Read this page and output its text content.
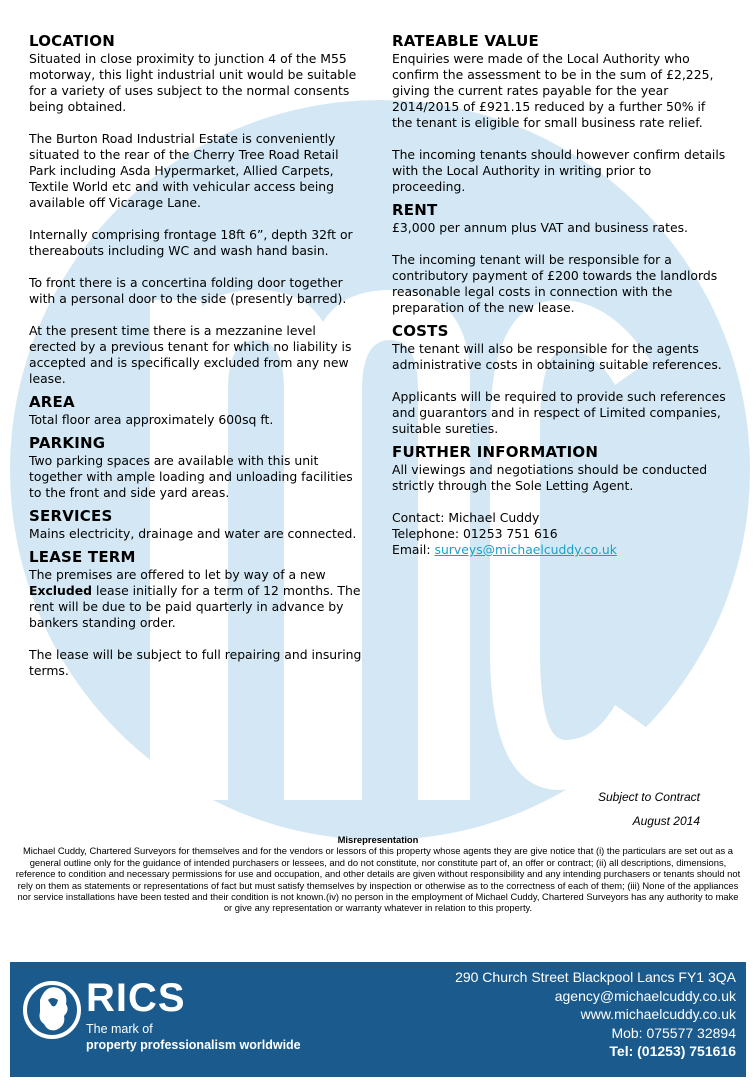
LOCATION

Situated in close proximity to junction 4 of the M55 motorway, this light industrial unit would be suitable for a variety of uses subject to the normal consents being obtained.

The Burton Road Industrial Estate is conveniently situated to the rear of the Cherry Tree Road Retail Park including Asda Hypermarket, Allied Carpets, Textile World etc and with vehicular access being available off Vicarage Lane.

Internally comprising frontage 18ft 6”, depth 32ft or thereabouts including WC and wash hand basin.

To front there is a concertina folding door together with a personal door to the side (presently barred).

At the present time there is a mezzanine level erected by a previous tenant for which no liability is accepted and is specifically excluded from any new lease.

AREA

Total floor area approximately 600sq ft.

PARKING

Two parking spaces are available with this unit together with ample loading and unloading facilities to the front and side yard areas.

SERVICES

Mains electricity, drainage and water are connected.

LEASE TERM

The premises are offered to let by way of a new Excluded lease initially for a term of 12 months. The rent will be due to be paid quarterly in advance by bankers standing order.

The lease will be subject to full repairing and insuring terms.

RATEABLE VALUE

Enquiries were made of the Local Authority who confirm the assessment to be in the sum of £2,225, giving the current rates payable for the year 2014/2015 of £921.15 reduced by a further 50% if the tenant is eligible for small business rate relief.

The incoming tenants should however confirm details with the Local Authority in writing prior to proceeding.

RENT

£3,000 per annum plus VAT and business rates.

The incoming tenant will be responsible for a contributory payment of £200 towards the landlords reasonable legal costs in connection with the preparation of the new lease.

COSTS

The tenant will also be responsible for the agents administrative costs in obtaining suitable references.

Applicants will be required to provide such references and guarantors and in respect of Limited companies, suitable sureties.

FURTHER INFORMATION

All viewings and negotiations should be conducted strictly through the Sole Letting Agent.

Contact: Michael Cuddy
Telephone: 01253 751 616
Email: surveys@michaelcuddy.co.uk
Subject to Contract
August 2014
Misrepresentation
Michael Cuddy, Chartered Surveyors for themselves and for the vendors or lessors of this property whose agents they are give notice that (i) the particulars are set out as a general outline only for the guidance of intended purchasers or lessees, and do not constitute, nor constitute part of, an offer or contract; (ii) all descriptions, dimensions, reference to condition and necessary permissions for use and occupation, and other details are given without responsibility and any intending purchasers or tenants should not rely on them as statements or representations of fact but must satisfy themselves by inspection or otherwise as to the correctness of each of them; (iii) None of the appliances nor service installations have been tested and their condition is not known.(iv) no person in the employment of Michael Cuddy, Chartered Surveyors has any authority to make or give any representation or warranty whatever in relation to this property.
RICS
The mark of
property professionalism worldwide
290 Church Street Blackpool Lancs FY1 3QA
agency@michaelcuddy.co.uk
www.michaelcuddy.co.uk
Mob: 075577 32894
Tel: (01253) 751616
